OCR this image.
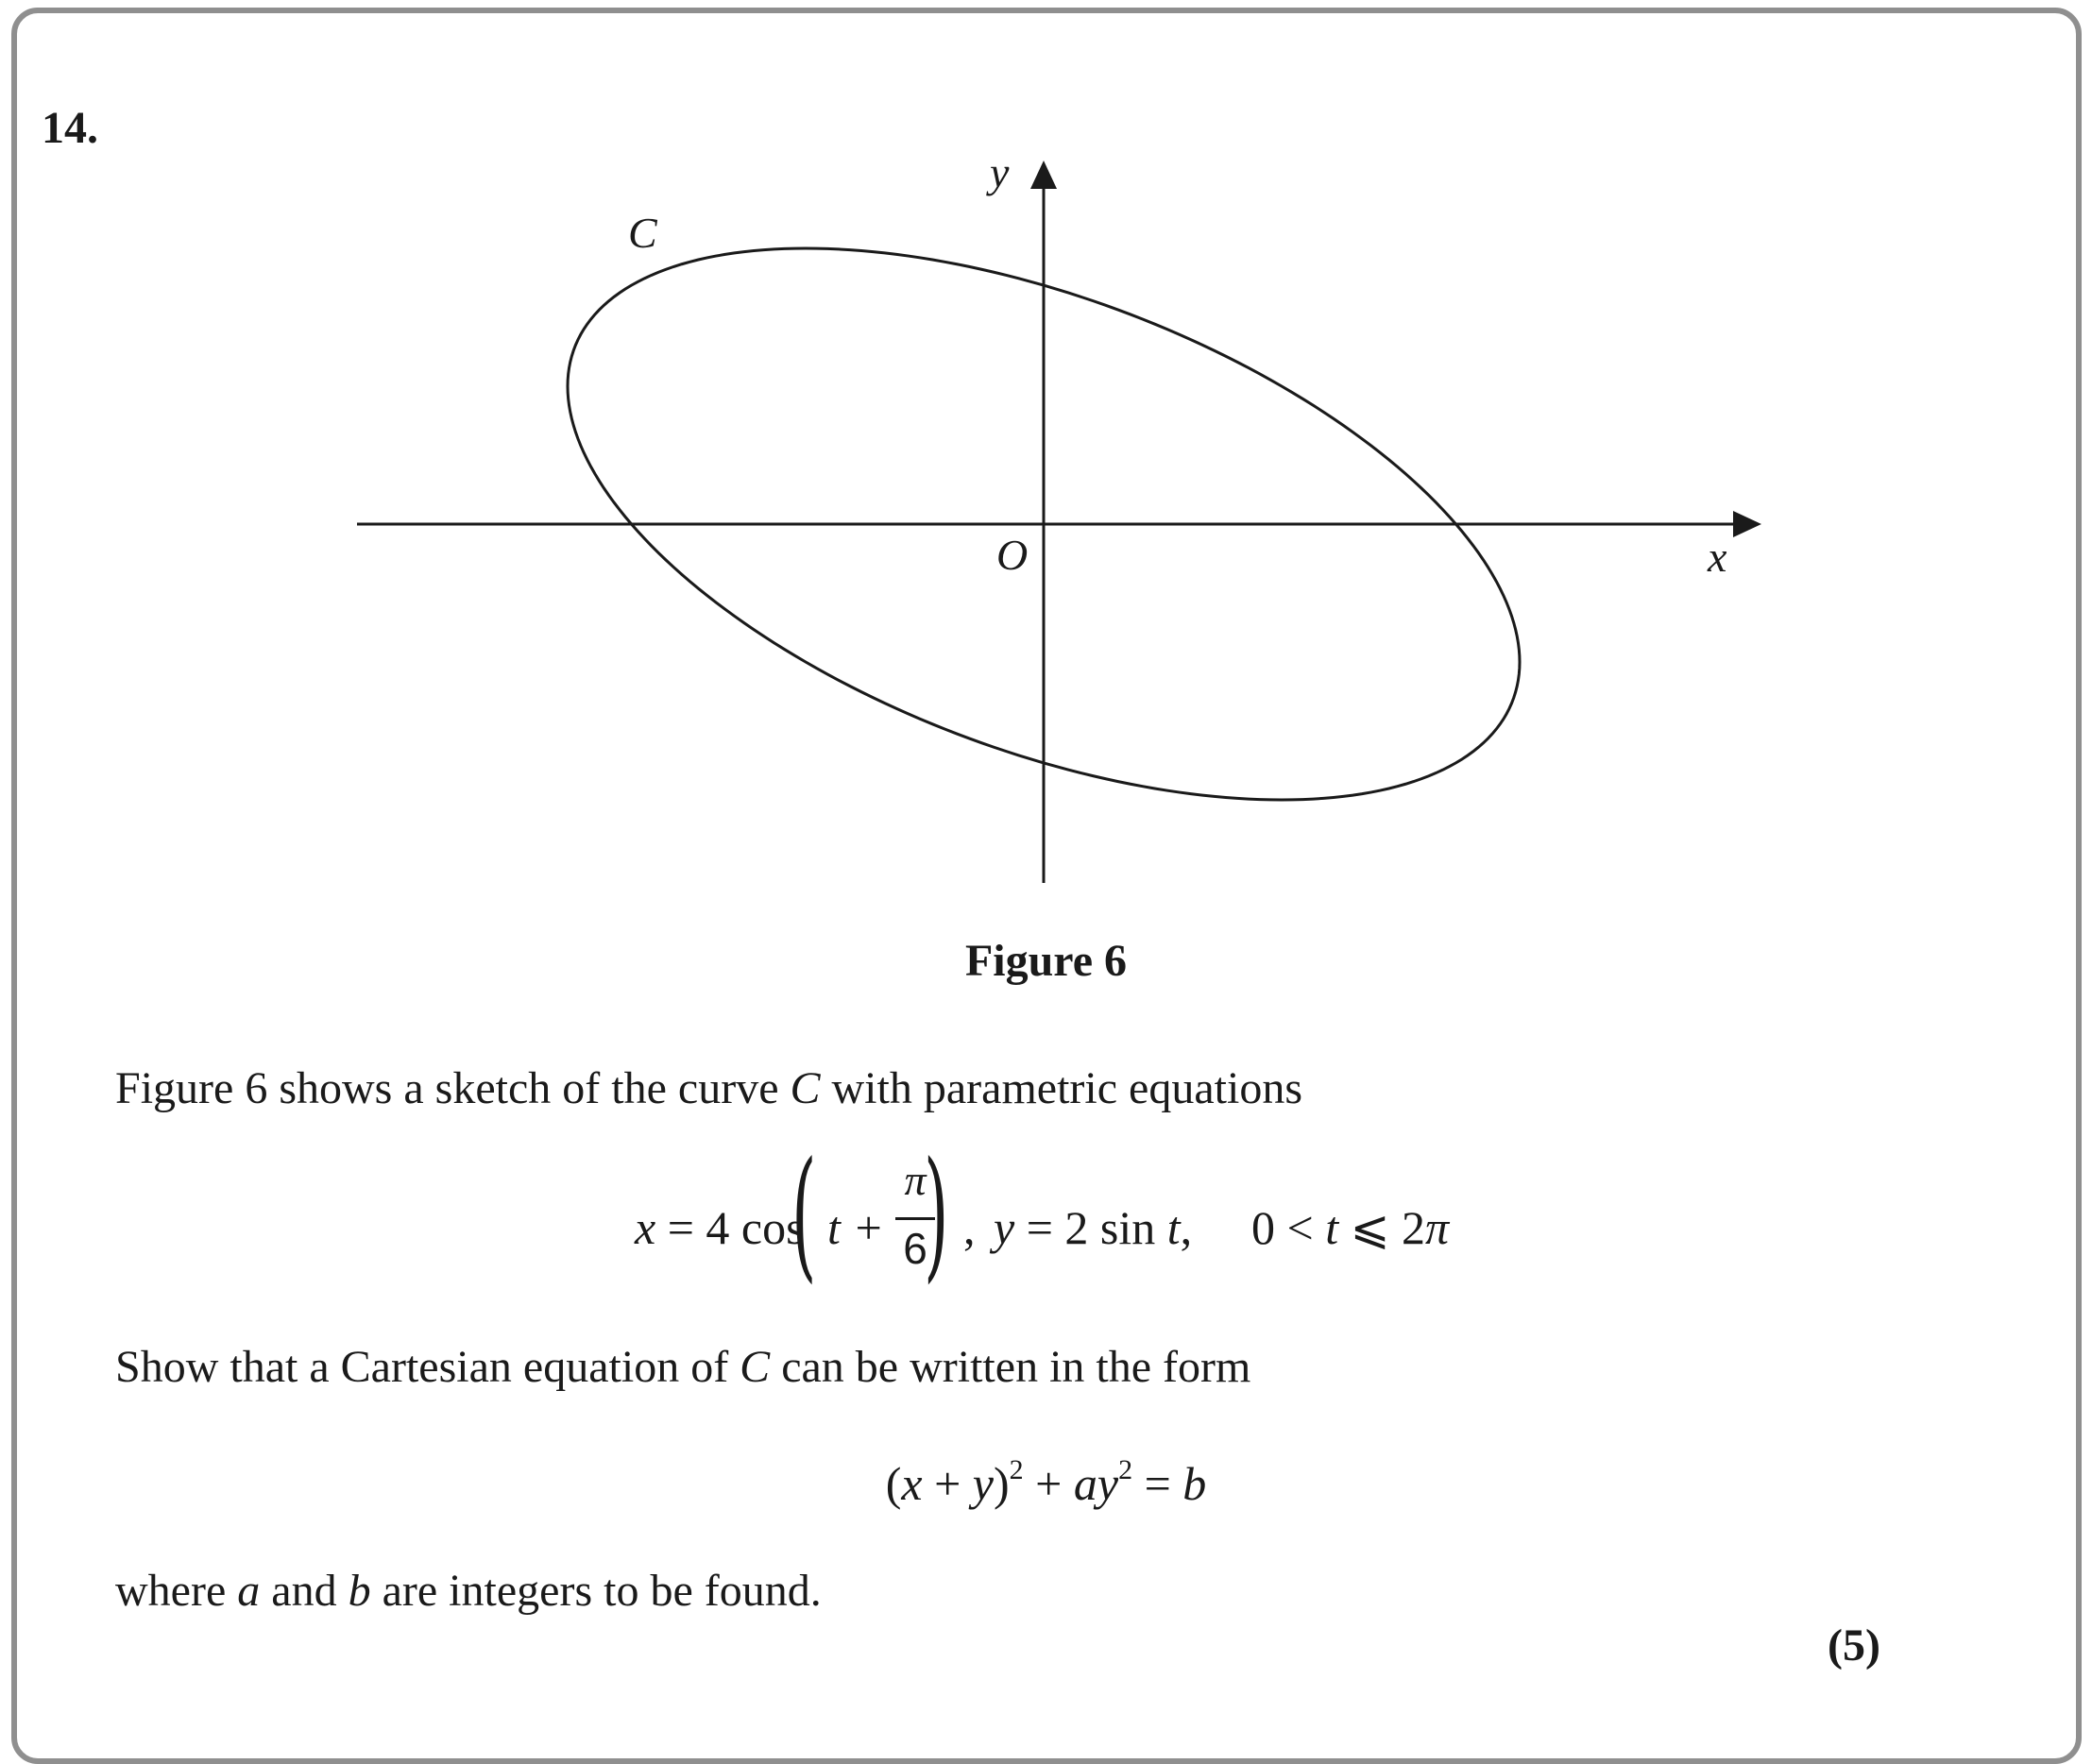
14.
C
y
x
O
Figure 6
Figure 6 shows a sketch of the curve C with parametric equations
x = 4 cos
( t +
π
6
) , y = 2 sin t, 0 < t ⩽ 2π
Show that a Cartesian equation of C can be written in the form
$(x + y)^2 + ay^2 = b$
where a and b are integers to be found.
(5)
